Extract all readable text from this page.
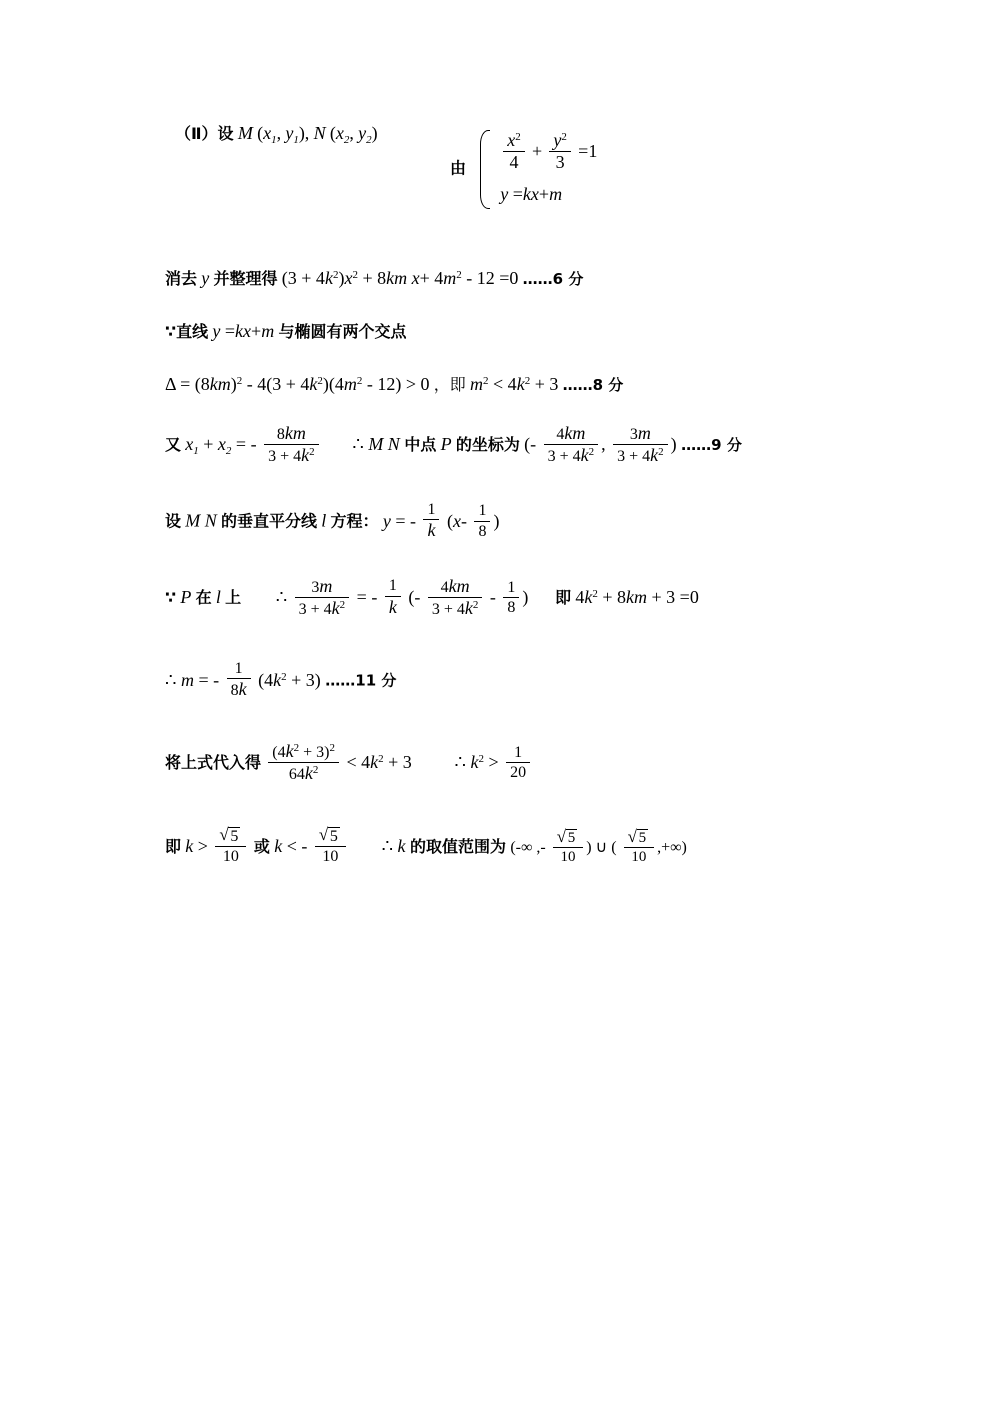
（Ⅱ）设 M ($x_1$, $y_1$), N ($x_2$, $y_2$)
由 $\frac{x^2}{4} + \frac{y^2}{3} =1$
y =kx+m
消去 y 并整理得 $(3 + 4k^2)x^2 + 8km$ $x+ 4m^2 - 12 =0$ ……6 分
∵直线 y =kx+m 与椭圆有两个交点
$\Delta = (8km)^2 - 4(3 + 4k^2)(4m^2 - 12) > 0$ ，即 $m^2 < 4k^2 + 3$ ……8 分
又 $x_1 + x_2$ = - $\frac{8km}{3 + 4k^2}$ ∴ M N 中点 P 的坐标为 (- $\frac{4km}{3 + 4k^2}$ , $\frac{3m}{3 + 4k^2}$ ) ……9 分
设 M N 的垂直平分线 l 方程： y = - $\frac{1}{k} (x- \frac{1}{8}$ )
∵ P 在 l 上 ∴ $\frac{3m}{3 + 4k^2}$ = - $\frac{1}{k}$ (- $\frac{4km}{3 + 4k^2} - \frac{1}{8}$ )  即 $4k^2 + 8km + 3 =0$
∴ m = - $\frac{1}{8k} (4k^2 + 3)$ ……11 分
将上式代入得 $\frac{(4k^2 + 3)^2}{64k^2} < 4k^2 + 3$  ∴ $k^2 > \frac{1}{20}$
即 k > √ $\frac{5}{10}$ 或 k < - √ $\frac{5}{10}$ ∴ k 的取值范围为 (-∞ ,- √ $\frac{5}{10}$ ) ∪ ( √ $\frac{5}{10}$ ,+∞)
